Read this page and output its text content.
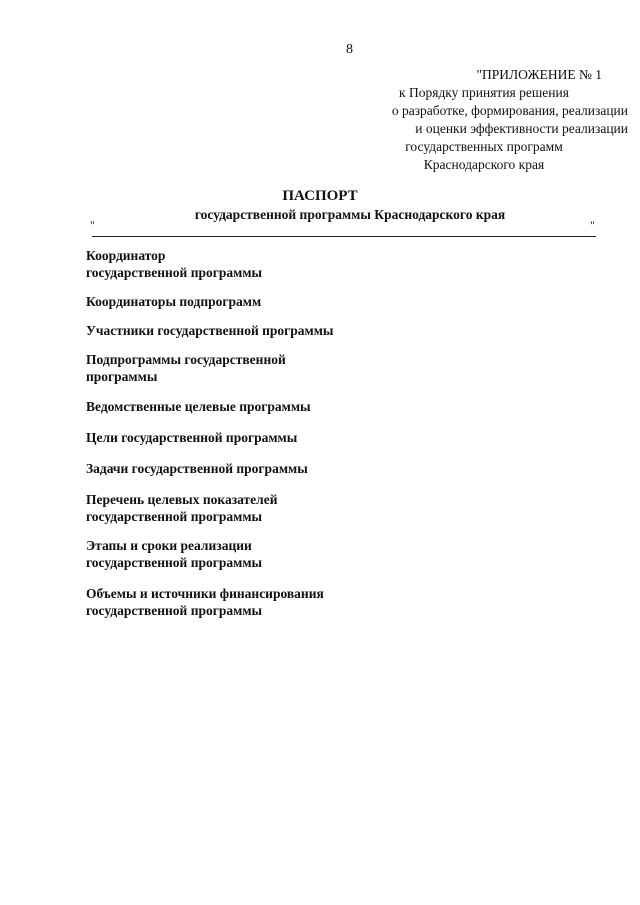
8
"ПРИЛОЖЕНИЕ № 1
к Порядку принятия решения
о разработке, формирования, реализации
и оценки эффективности реализации
государственных программ
Краснодарского края
ПАСПОРТ
государственной программы Краснодарского края
"	"
Координатор
государственной программы
Координаторы подпрограмм
Участники государственной программы
Подпрограммы государственной
программы
Ведомственные целевые программы
Цели государственной программы
Задачи государственной программы
Перечень целевых показателей
государственной программы
Этапы и сроки реализации
государственной программы
Объемы и источники финансирования
государственной программы
